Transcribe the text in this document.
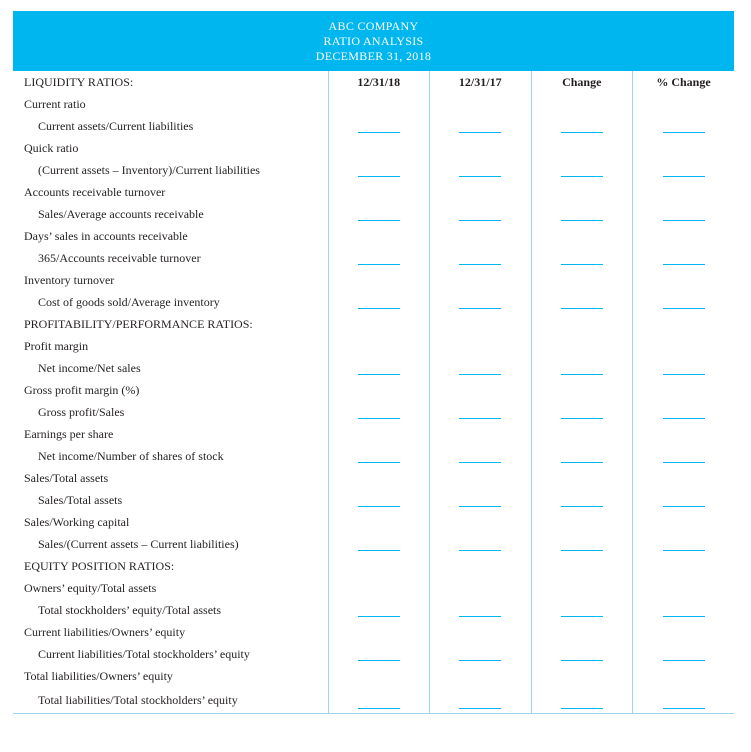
ABC COMPANY
RATIO ANALYSIS
DECEMBER 31, 2018
LIQUIDITY RATIOS:	12/31/18	12/31/17	Change	% Change
Current ratio				
Current assets/Current liabilities				
Quick ratio				
(Current assets – Inventory)/Current liabilities				
Accounts receivable turnover				
Sales/Average accounts receivable				
Days’ sales in accounts receivable				
365/Accounts receivable turnover				
Inventory turnover				
Cost of goods sold/Average inventory				
PROFITABILITY/PERFORMANCE RATIOS:				
Profit margin				
Net income/Net sales				
Gross profit margin (%)				
Gross profit/Sales				
Earnings per share				
Net income/Number of shares of stock				
Sales/Total assets				
Sales/Total assets				
Sales/Working capital				
Sales/(Current assets – Current liabilities)				
EQUITY POSITION RATIOS:				
Owners’ equity/Total assets				
Total stockholders’ equity/Total assets				
Current liabilities/Owners’ equity				
Current liabilities/Total stockholders’ equity				
Total liabilities/Owners’ equity				
Total liabilities/Total stockholders’ equity				
